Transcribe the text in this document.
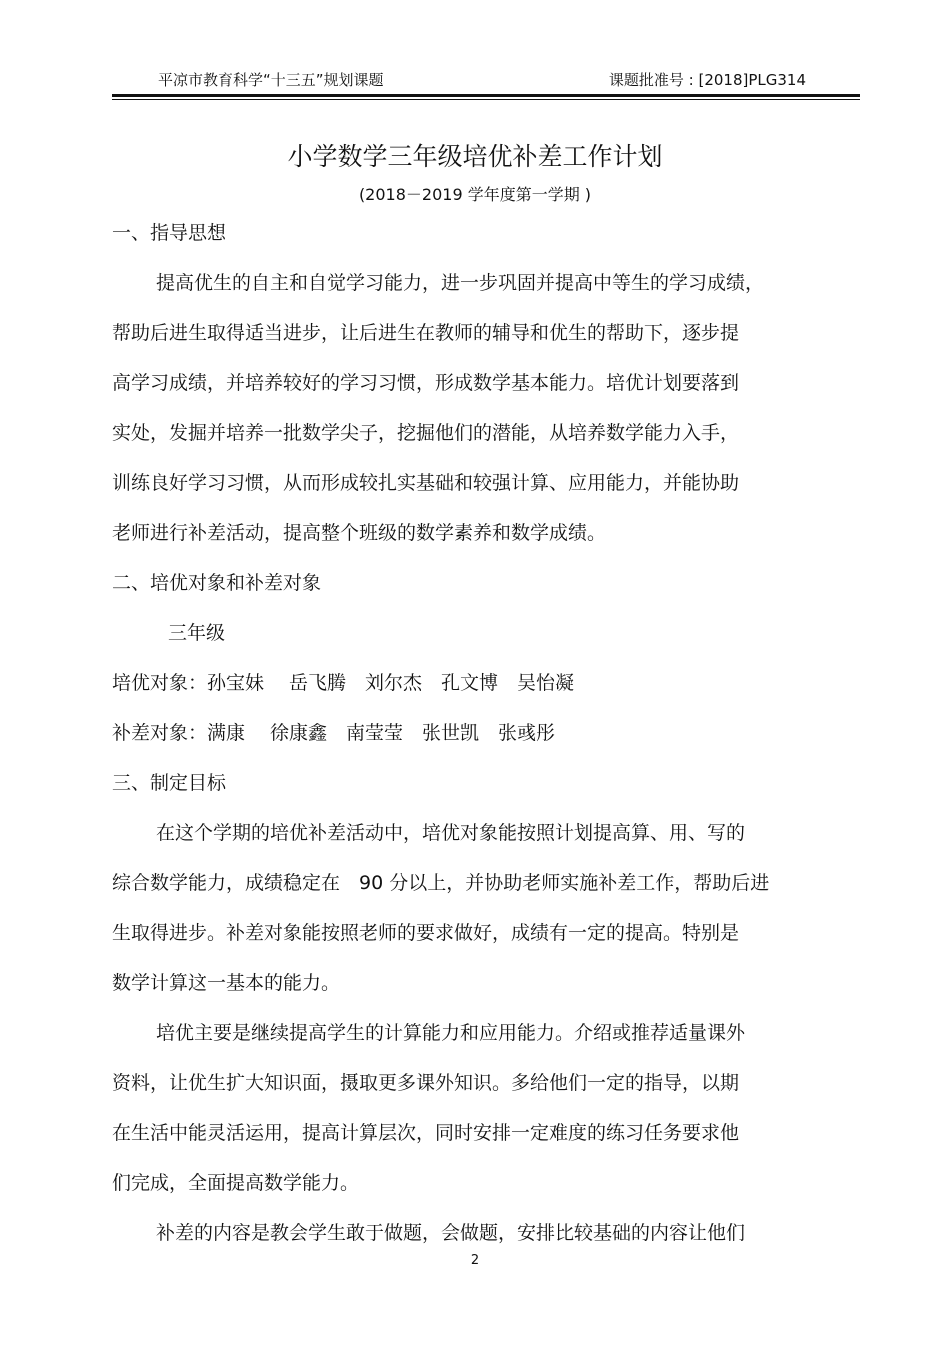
平凉市教育科学“十三五”规划课题	课题批准号 : [2018]PLG314
小学数学三年级培优补差工作计划
(2018－2019 学年度第一学期 )
一、指导思想
提高优生的自主和自觉学习能力，进一步巩固并提高中等生的学习成绩，
帮助后进生取得适当进步，让后进生在教师的辅导和优生的帮助下，逐步提
高学习成绩，并培养较好的学习习惯，形成数学基本能力。培优计划要落到
实处，发掘并培养一批数学尖子，挖掘他们的潜能，从培养数学能力入手，
训练良好学习习惯，从而形成较扎实基础和较强计算、应用能力，并能协助
老师进行补差活动，提高整个班级的数学素养和数学成绩。
二、培优对象和补差对象
三年级
培优对象：孙宝妹　 岳飞腾　刘尔杰　孔文博　吴怡凝
补差对象：满康　 徐康鑫　南莹莹　张世凯　张彧彤
三、制定目标
在这个学期的培优补差活动中，培优对象能按照计划提高算、用、写的
综合数学能力，成绩稳定在　90 分以上，并协助老师实施补差工作，帮助后进
生取得进步。补差对象能按照老师的要求做好，成绩有一定的提高。特别是
数学计算这一基本的能力。
培优主要是继续提高学生的计算能力和应用能力。介绍或推荐适量课外
资料，让优生扩大知识面，摄取更多课外知识。多给他们一定的指导，以期
在生活中能灵活运用，提高计算层次，同时安排一定难度的练习任务要求他
们完成，全面提高数学能力。
补差的内容是教会学生敢于做题，会做题，安排比较基础的内容让他们
2
